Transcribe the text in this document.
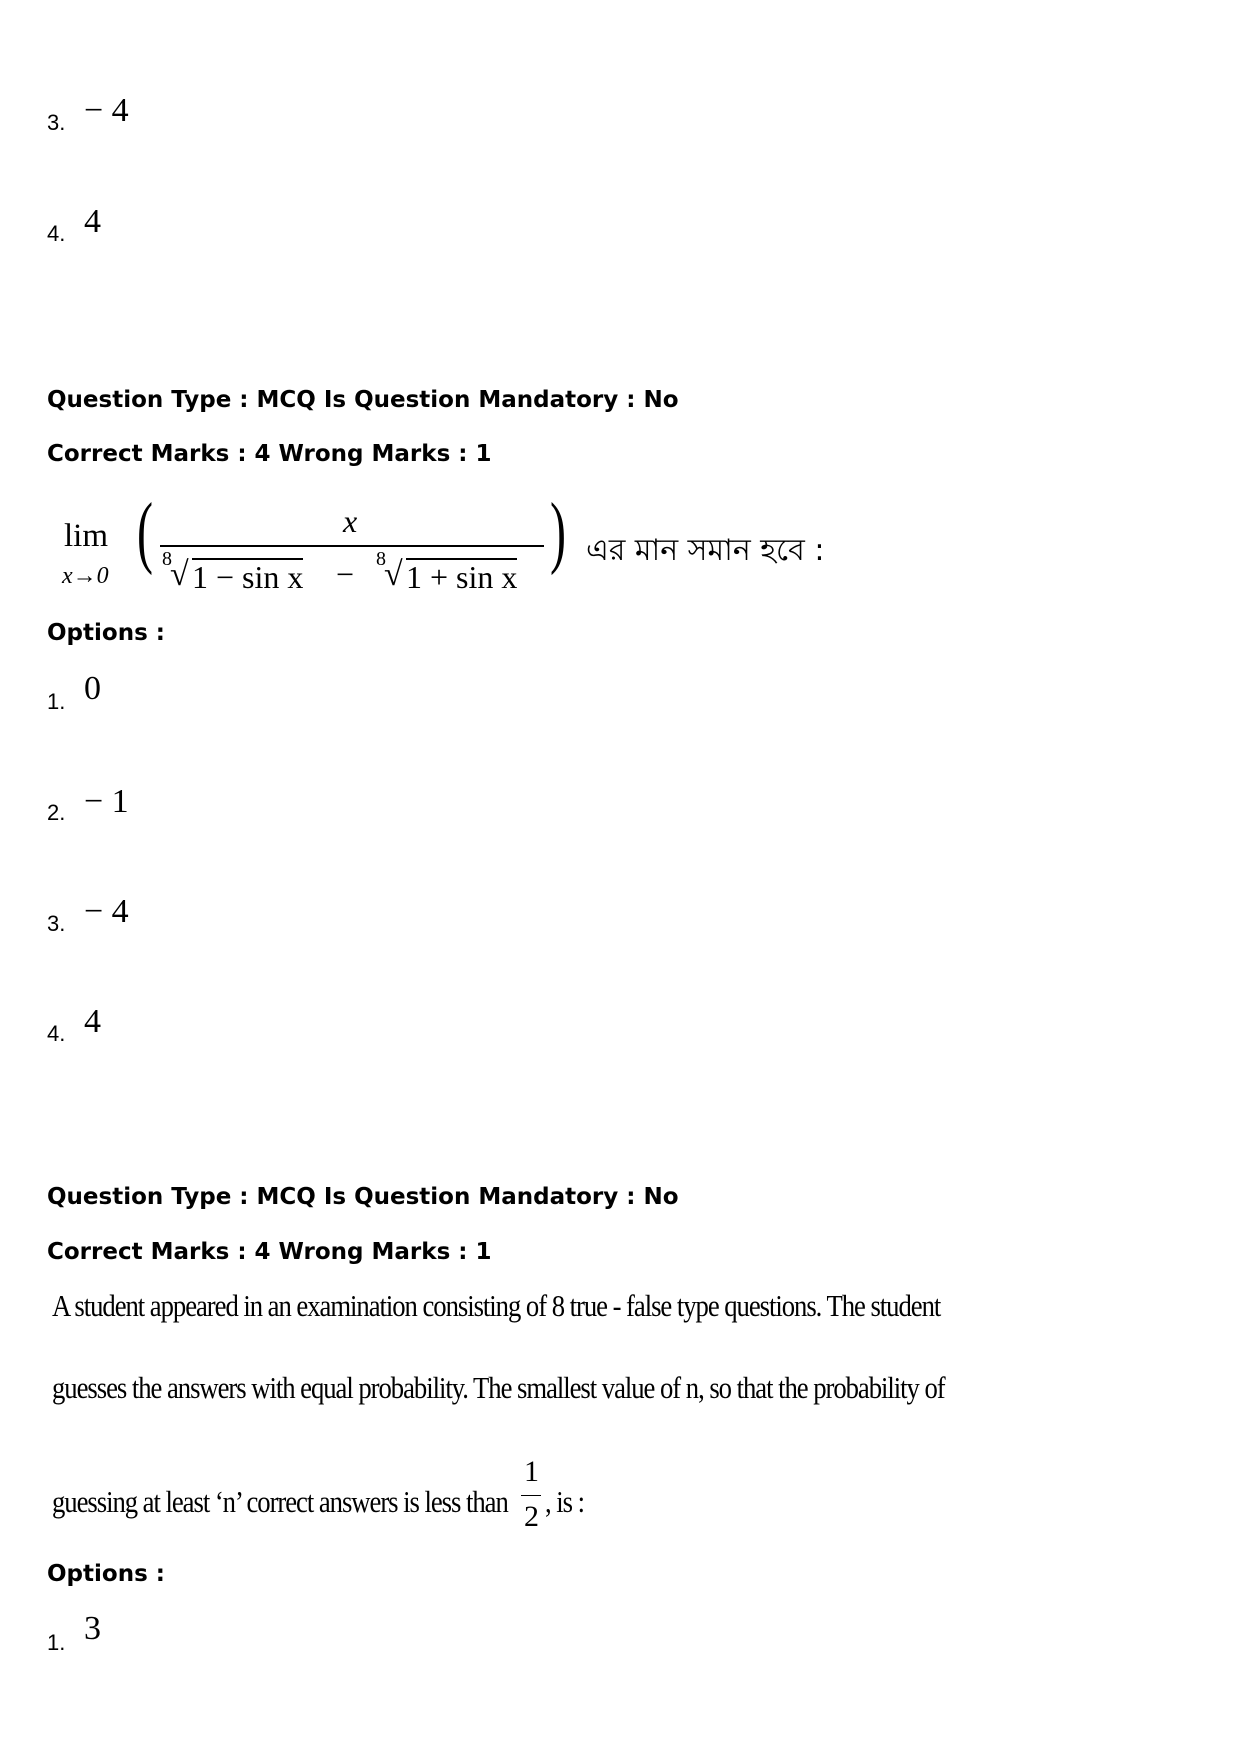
3. − 4
4. 4
Question Type : MCQ Is Question Mandatory : No
Correct Marks : 4 Wrong Marks : 1
lim
x→0 (	x
8
√ 1 − sin x − 8
√ 1 + sin x
) এর মান সমান হবে :
Options :
1. 0
2. − 1
3. − 4
4. 4
Question Type : MCQ Is Question Mandatory : No
Correct Marks : 4 Wrong Marks : 1
A student appeared in an examination consisting of 8 true - false type questions. The student
guesses the answers with equal probability. The smallest value of n, so that the probability of
guessing at least ‘n’ correct answers is less than
1
2 , is :
Options :
1. 3
